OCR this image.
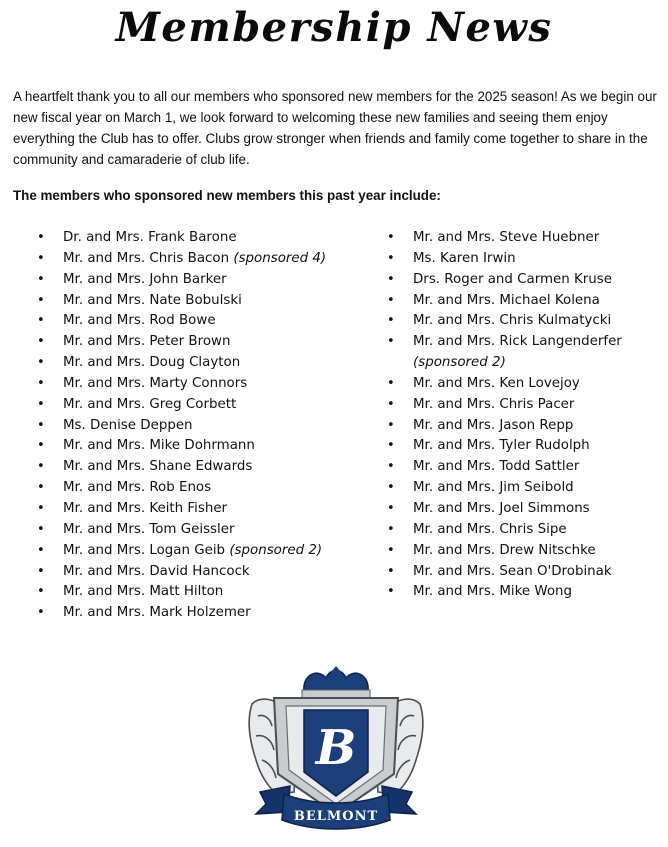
Membership News

A heartfelt thank you to all our members who sponsored new members for the 2025 season! As we begin our new fiscal year on March 1, we look forward to welcoming these new families and seeing them enjoy everything the Club has to offer. Clubs grow stronger when friends and family come together to share in the community and camaraderie of club life.

The members who sponsored new members this past year include:

• Dr. and Mrs. Frank Barone
• Mr. and Mrs. Chris Bacon (sponsored 4)
• Mr. and Mrs. John Barker
• Mr. and Mrs. Nate Bobulski
• Mr. and Mrs. Rod Bowe
• Mr. and Mrs. Peter Brown
• Mr. and Mrs. Doug Clayton
• Mr. and Mrs. Marty Connors
• Mr. and Mrs. Greg Corbett
• Ms. Denise Deppen
• Mr. and Mrs. Mike Dohrmann
• Mr. and Mrs. Shane Edwards
• Mr. and Mrs. Rob Enos
• Mr. and Mrs. Keith Fisher
• Mr. and Mrs. Tom Geissler
• Mr. and Mrs. Logan Geib (sponsored 2)
• Mr. and Mrs. David Hancock
• Mr. and Mrs. Matt Hilton
• Mr. and Mrs. Mark Holzemer
• Mr. and Mrs. Steve Huebner
• Ms. Karen Irwin
• Drs. Roger and Carmen Kruse
• Mr. and Mrs. Michael Kolena
• Mr. and Mrs. Chris Kulmatycki
• Mr. and Mrs. Rick Langenderfer
(sponsored 2)
• Mr. and Mrs. Ken Lovejoy
• Mr. and Mrs. Chris Pacer
• Mr. and Mrs. Jason Repp
• Mr. and Mrs. Tyler Rudolph
• Mr. and Mrs. Todd Sattler
• Mr. and Mrs. Jim Seibold
• Mr. and Mrs. Joel Simmons
• Mr. and Mrs. Chris Sipe
• Mr. and Mrs. Drew Nitschke
• Mr. and Mrs. Sean O'Drobinak
• Mr. and Mrs. Mike Wong
B
BELMONT
